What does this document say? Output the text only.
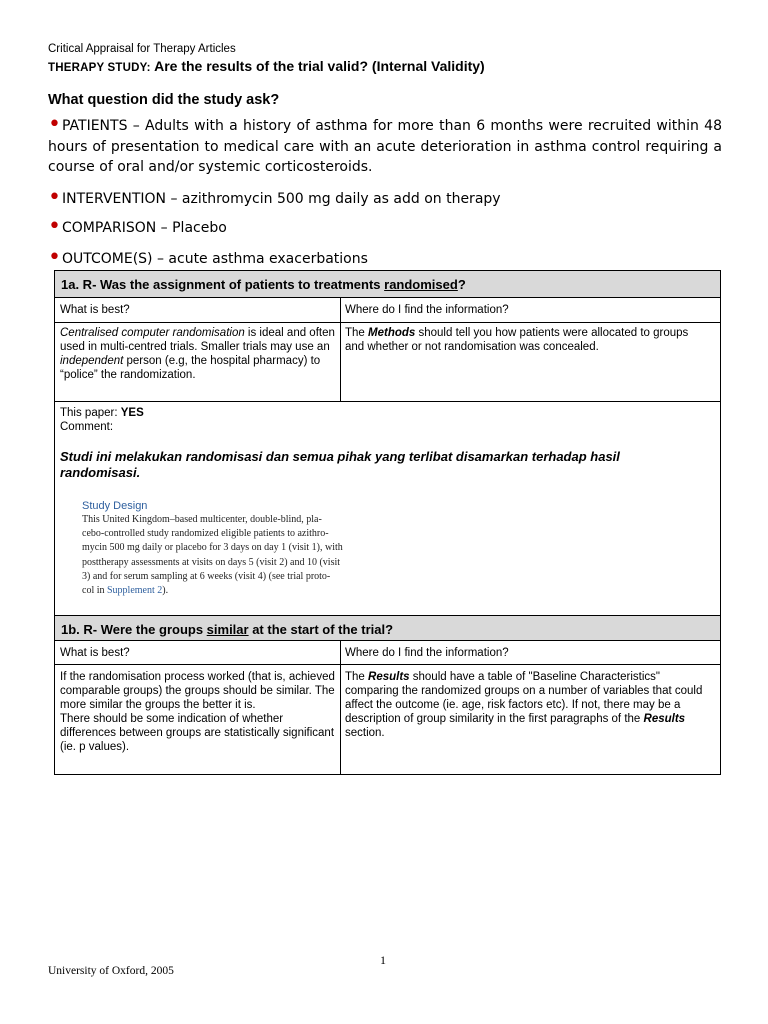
Critical Appraisal for Therapy Articles
THERAPY STUDY: Are the results of the trial valid? (Internal Validity)
What question did the study ask?
•PATIENTS – Adults with a history of asthma for more than 6 months were recruited within 48 hours of presentation to medical care with an acute deterioration in asthma control requiring a course of oral and/or systemic corticosteroids.
•INTERVENTION – azithromycin 500 mg daily as add on therapy
•COMPARISON – Placebo
•OUTCOME(S) – acute asthma exacerbations
1a. R- Was the assignment of patients to treatments randomised?
What is best?	Where do I find the information?
Centralised computer randomisation is ideal and often used in multi-centred trials. Smaller trials may use an independent person (e.g, the hospital pharmacy) to “police” the randomization.
The Methods should tell you how patients were allocated to groups and whether or not randomisation was concealed.
This paper: YES
Comment:
Studi ini melakukan randomisasi dan semua pihak yang terlibat disamarkan terhadap hasil randomisasi.
Study Design
This United Kingdom–based multicenter, double-blind, pla-
cebo-controlled study randomized eligible patients to azithro-
mycin 500 mg daily or placebo for 3 days on day 1 (visit 1), with
posttherapy assessments at visits on days 5 (visit 2) and 10 (visit
3) and for serum sampling at 6 weeks (visit 4) (see trial proto-
col in Supplement 2).
1b. R- Were the groups similar at the start of the trial?
What is best?	Where do I find the information?
If the randomisation process worked (that is, achieved comparable groups) the groups should be similar. The more similar the groups the better it is.
There should be some indication of whether differences between groups are statistically significant (ie. p values).
The Results should have a table of "Baseline Characteristics" comparing the randomized groups on a number of variables that could affect the outcome (ie. age, risk factors etc). If not, there may be a description of group similarity in the first paragraphs of the Results section.
1
University of Oxford, 2005
